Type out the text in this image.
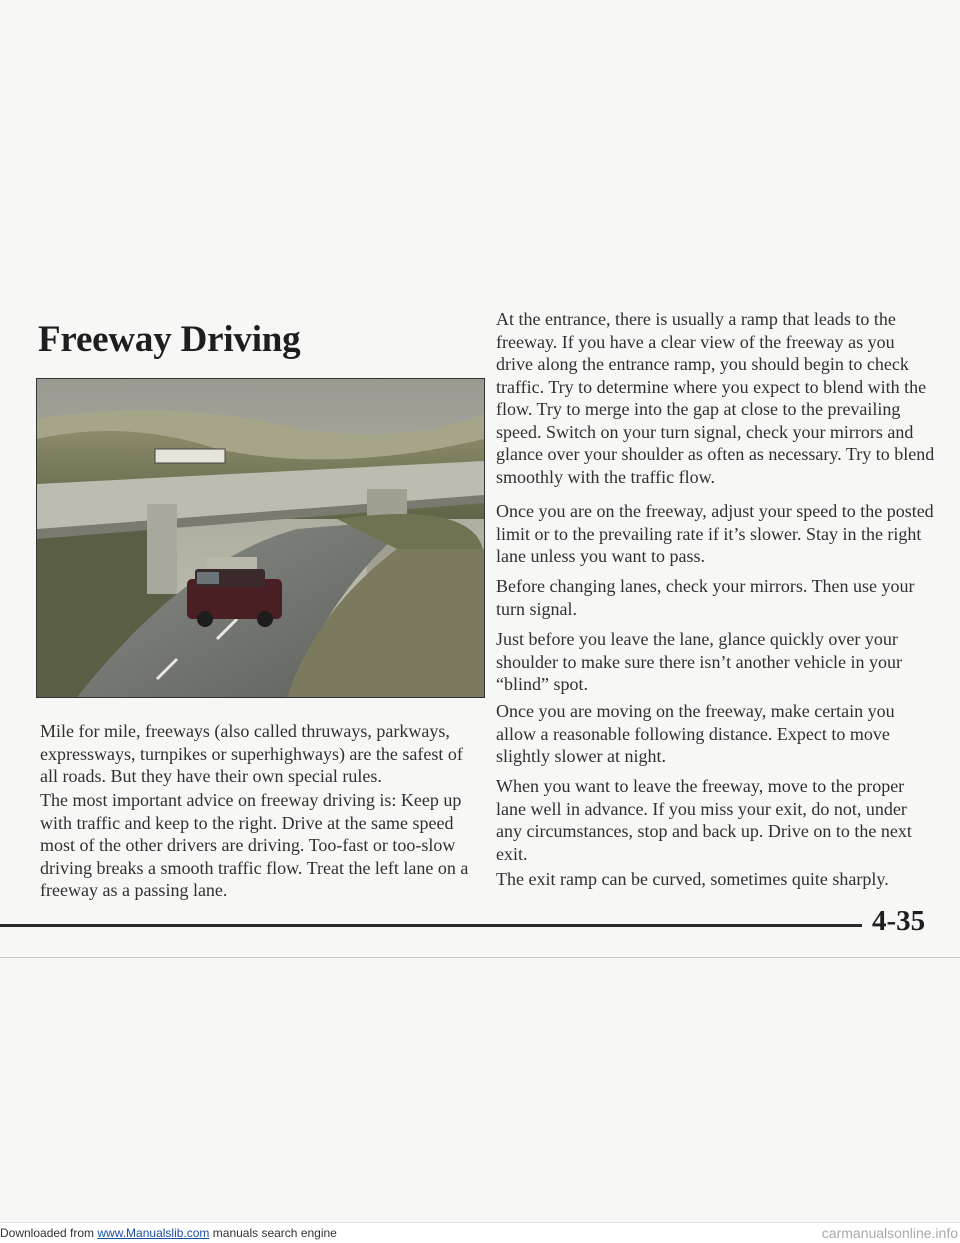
Freeway Driving

Mile for mile, freeways (also called thruways, parkways, expressways, turnpikes or superhighways) are the safest of all roads. But they have their own special rules.

The most important advice on freeway driving is: Keep up with traffic and keep to the right. Drive at the same speed most of the other drivers are driving. Too-fast or too-slow driving breaks a smooth traffic flow. Treat the left lane on a freeway as a passing lane.

At the entrance, there is usually a ramp that leads to the freeway. If you have a clear view of the freeway as you drive along the entrance ramp, you should begin to check traffic. Try to determine where you expect to blend with the flow. Try to merge into the gap at close to the prevailing speed. Switch on your turn signal, check your mirrors and glance over your shoulder as often as necessary. Try to blend smoothly with the traffic flow.

Once you are on the freeway, adjust your speed to the posted limit or to the prevailing rate if it’s slower. Stay in the right lane unless you want to pass.

Before changing lanes, check your mirrors. Then use your turn signal.

Just before you leave the lane, glance quickly over your shoulder to make sure there isn’t another vehicle in your “blind” spot.

Once you are moving on the freeway, make certain you allow a reasonable following distance. Expect to move slightly slower at night.

When you want to leave the freeway, move to the proper lane well in advance. If you miss your exit, do not, under any circumstances, stop and back up. Drive on to the next exit.

The exit ramp can be curved, sometimes quite sharply.

4-35
Downloaded from www.Manualslib.com manuals search engine	carmanualsonline.info
